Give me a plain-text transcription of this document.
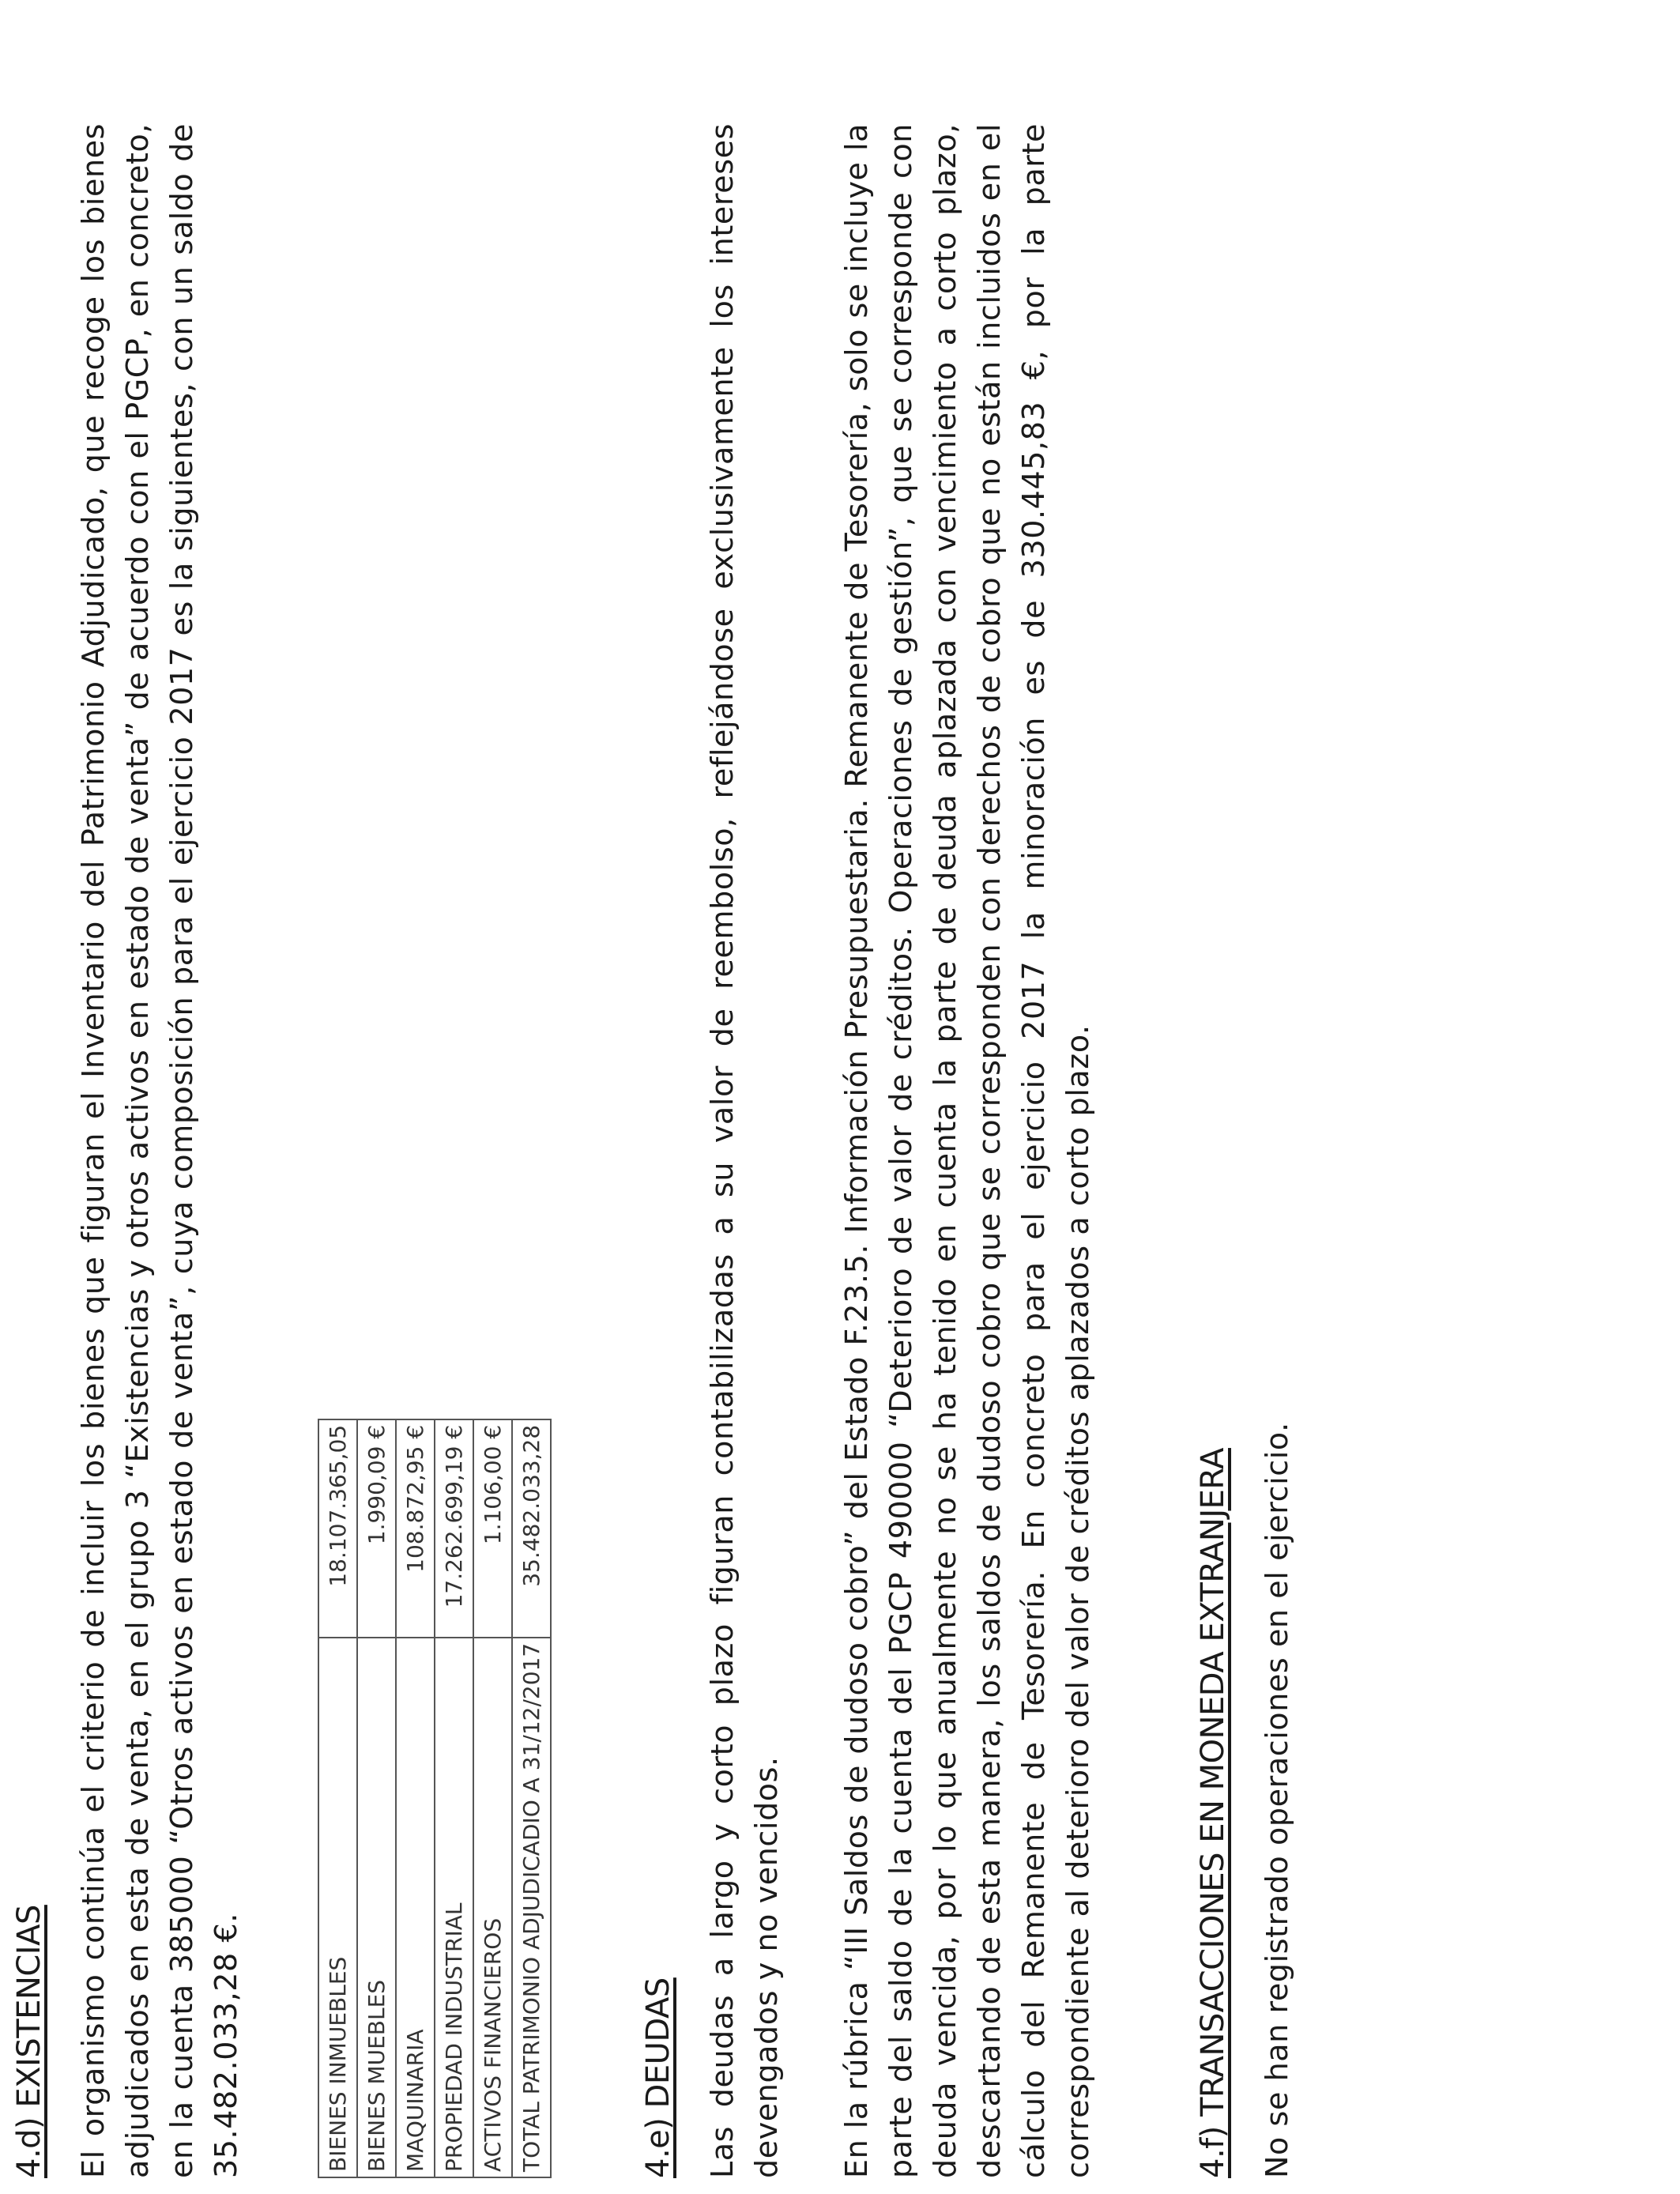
4.d) EXISTENCIAS El organismo continúa el criterio de incluir los bienes que figuran el Inventario del Patrimonio Adjudicado, que recoge los bienes adjudicados en esta de venta, en el grupo 3 “Existencias y otros activos en estado de venta” de acuerdo con el PGCP, en concreto, en la cuenta 385000 “Otros activos en estado de venta”, cuya composición para el ejercicio 2017 es la siguientes, con un saldo de 35.482.033,28 €.	BIENES INMUEBLES	18.107.365,05
BIENES MUEBLES	1.990,09 €
MAQUINARIA	108.872,95 €
PROPIEDAD INDUSTRIAL	17.262.699,19 €
ACTIVOS FINANCIEROS	1.106,00 €
TOTAL PATRIMONIO ADJUDICADIO A 31/12/2017	35.482.033,28
4.e) DEUDAS Las deudas a largo y corto plazo figuran contabilizadas a su valor de reembolso, reflejándose exclusivamente los intereses devengados y no vencidos. En la rúbrica “III Saldos de dudoso cobro” del Estado F.23.5. Información Presupuestaria. Remanente de Tesorería, solo se incluye la parte del saldo de la cuenta del PGCP 490000 “Deterioro de valor de créditos. Operaciones de gestión”, que se corresponde con deuda vencida, por lo que anualmente no se ha tenido en cuenta la parte de deuda aplazada con vencimiento a corto plazo, descartando de esta manera, los saldos de dudoso cobro que se corresponden con derechos de cobro que no están incluidos en el cálculo del Remanente de Tesorería. En concreto para el ejercicio 2017 la minoración es de 330.445,83 €, por la parte correspondiente al deterioro del valor de créditos aplazados a corto plazo.	4.f) TRANSACCIONES EN MONEDA EXTRANJERA No se han registrado operaciones en el ejercicio.
